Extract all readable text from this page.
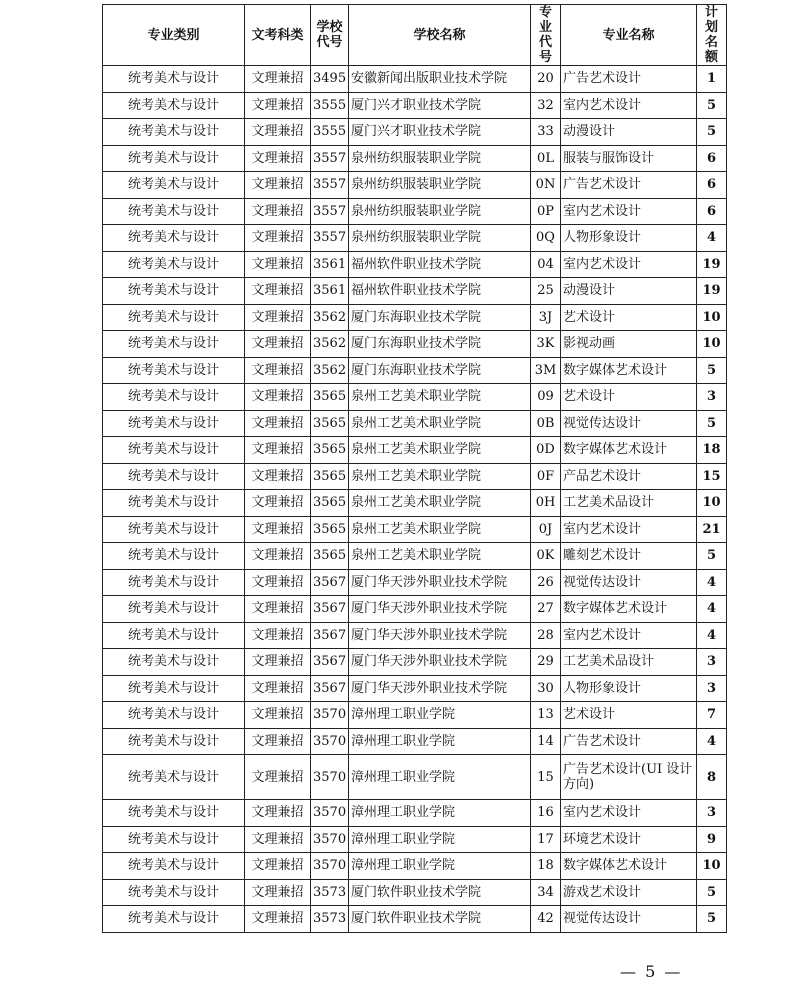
专业类别	文考科类	学校代号	学校名称	专业代号	专业名称	计划名额
统考美术与设计	文理兼招	3495	安徽新闻出版职业技术学院	20	广告艺术设计	1
统考美术与设计	文理兼招	3555	厦门兴才职业技术学院	32	室内艺术设计	5
统考美术与设计	文理兼招	3555	厦门兴才职业技术学院	33	动漫设计	5
统考美术与设计	文理兼招	3557	泉州纺织服装职业学院	0L	服装与服饰设计	6
统考美术与设计	文理兼招	3557	泉州纺织服装职业学院	0N	广告艺术设计	6
统考美术与设计	文理兼招	3557	泉州纺织服装职业学院	0P	室内艺术设计	6
统考美术与设计	文理兼招	3557	泉州纺织服装职业学院	0Q	人物形象设计	4
统考美术与设计	文理兼招	3561	福州软件职业技术学院	04	室内艺术设计	19
统考美术与设计	文理兼招	3561	福州软件职业技术学院	25	动漫设计	19
统考美术与设计	文理兼招	3562	厦门东海职业技术学院	3J	艺术设计	10
统考美术与设计	文理兼招	3562	厦门东海职业技术学院	3K	影视动画	10
统考美术与设计	文理兼招	3562	厦门东海职业技术学院	3M	数字媒体艺术设计	5
统考美术与设计	文理兼招	3565	泉州工艺美术职业学院	09	艺术设计	3
统考美术与设计	文理兼招	3565	泉州工艺美术职业学院	0B	视觉传达设计	5
统考美术与设计	文理兼招	3565	泉州工艺美术职业学院	0D	数字媒体艺术设计	18
统考美术与设计	文理兼招	3565	泉州工艺美术职业学院	0F	产品艺术设计	15
统考美术与设计	文理兼招	3565	泉州工艺美术职业学院	0H	工艺美术品设计	10
统考美术与设计	文理兼招	3565	泉州工艺美术职业学院	0J	室内艺术设计	21
统考美术与设计	文理兼招	3565	泉州工艺美术职业学院	0K	雕刻艺术设计	5
统考美术与设计	文理兼招	3567	厦门华天涉外职业技术学院	26	视觉传达设计	4
统考美术与设计	文理兼招	3567	厦门华天涉外职业技术学院	27	数字媒体艺术设计	4
统考美术与设计	文理兼招	3567	厦门华天涉外职业技术学院	28	室内艺术设计	4
统考美术与设计	文理兼招	3567	厦门华天涉外职业技术学院	29	工艺美术品设计	3
统考美术与设计	文理兼招	3567	厦门华天涉外职业技术学院	30	人物形象设计	3
统考美术与设计	文理兼招	3570	漳州理工职业学院	13	艺术设计	7
统考美术与设计	文理兼招	3570	漳州理工职业学院	14	广告艺术设计	4
统考美术与设计	文理兼招	3570	漳州理工职业学院	15	广告艺术设计(UI 设计方向)	8
统考美术与设计	文理兼招	3570	漳州理工职业学院	16	室内艺术设计	3
统考美术与设计	文理兼招	3570	漳州理工职业学院	17	环境艺术设计	9
统考美术与设计	文理兼招	3570	漳州理工职业学院	18	数字媒体艺术设计	10
统考美术与设计	文理兼招	3573	厦门软件职业技术学院	34	游戏艺术设计	5
统考美术与设计	文理兼招	3573	厦门软件职业技术学院	42	视觉传达设计	5
— 5 —
